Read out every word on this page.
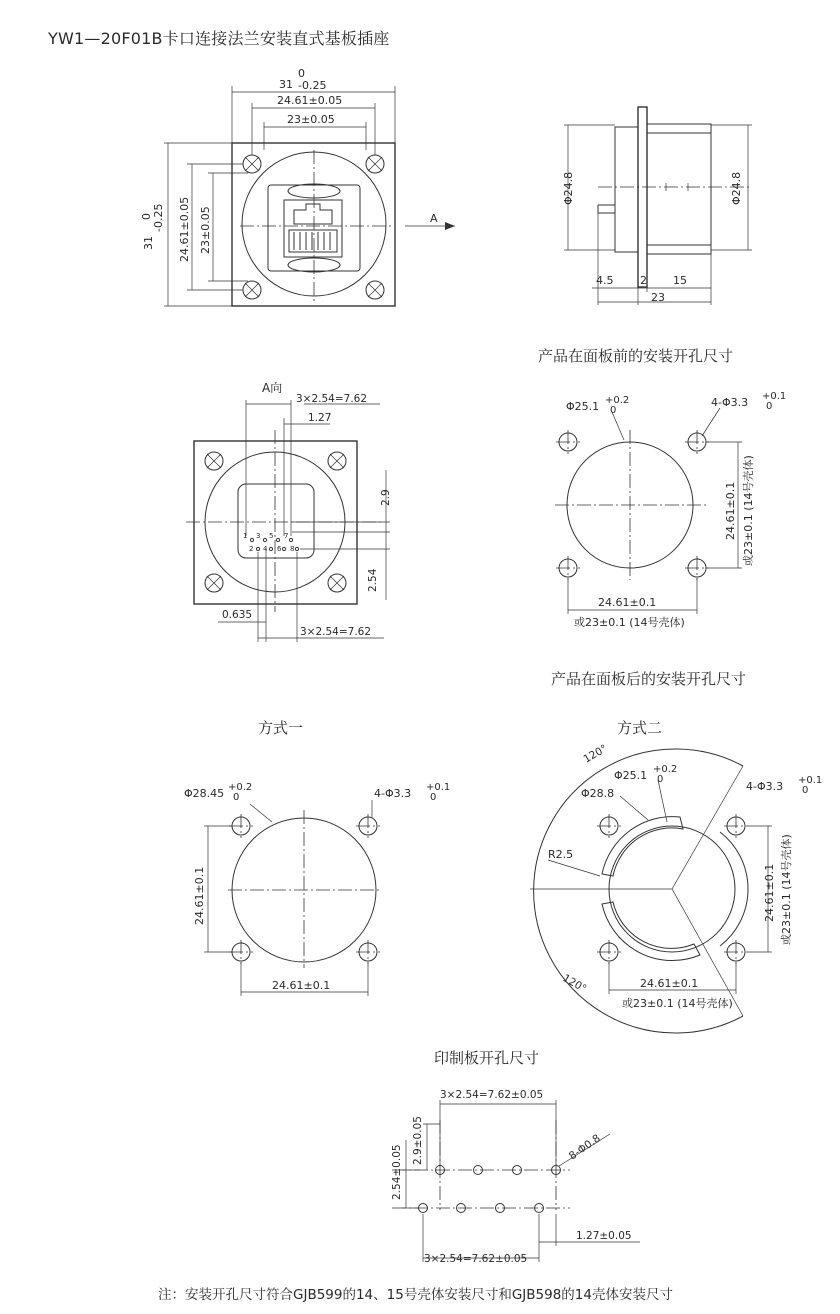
YW1—20F01B卡口连接法兰安装直式基板插座
产品在面板前的安装开孔尺寸
产品在面板后的安装开孔尺寸
方式一	方式二
印制板开孔尺寸
注：安装开孔尺寸符合GJB599的14、15号壳体安装尺寸和GJB598的14壳体安装尺寸
0
31 -0.25
24.61±0.05
23±0.05
31
-0.25
0 24.61±0.05 23±0.05	A
Φ24.8	Φ24.8
4.5 2 15
23
A向
1 3 5 7
2 4 6 8
3×2.54=7.62
1.27
2.9
2.54
0.635
3×2.54=7.62
Φ25.1 +0.2
0
4-Φ3.3 +0.1
0
24.61±0.1
或23±0.1 (14号壳体)
24.61±0.1 或23±0.1 (14号壳体)
Φ28.45 +0.2
0	4-Φ3.3 +0.1
0
24.61±0.1
24.61±0.1
120°
120°
Φ25.1 +0.2
0
Φ28.8
R2.5
4-Φ3.3 +0.1
0
24.61±0.1 或23±0.1 (14号壳体)
24.61±0.1
或23±0.1 (14号壳体)
3×2.54=7.62±0.05
3×2.54=7.62±0.05
2.9±0.05
2.54±0.05	8-Φ0.8
1.27±0.05
